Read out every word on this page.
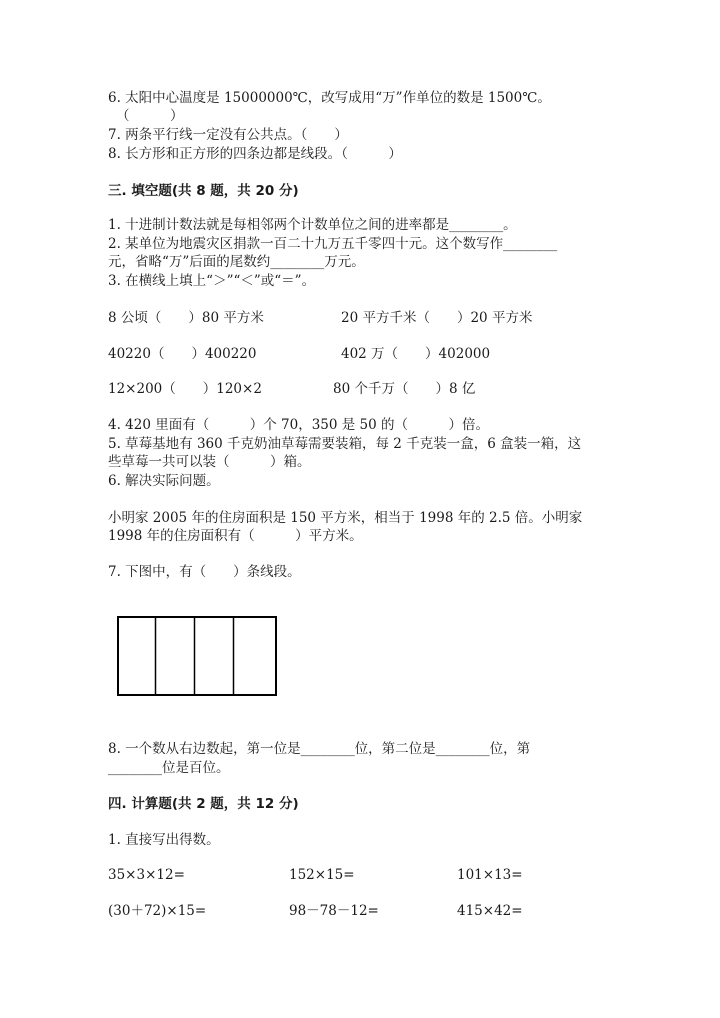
6. 太阳中心温度是 15000000℃，改写成用“万”作单位的数是 1500℃。
（　　　）
7. 两条平行线一定没有公共点。（　　）
8. 长方形和正方形的四条边都是线段。（　　　）
三. 填空题(共 8 题，共 20 分)
1. 十进制计数法就是每相邻两个计数单位之间的进率都是________。
2. 某单位为地震灾区捐款一百二十九万五千零四十元。这个数写作________
元，省略“万”后面的尾数约________万元。
3. 在横线上填上“＞”“＜”或“＝”。
8 公顷（　　）80 平方米	20 平方千米（　　）20 平方米
40220（　　）400220	402 万（　　）402000
12×200（　　）120×2	80 个千万（　　）8 亿
4. 420 里面有（　　　）个 70，350 是 50 的（　　　）倍。
5. 草莓基地有 360 千克奶油草莓需要装箱，每 2 千克装一盒，6 盒装一箱，这
些草莓一共可以装（　　　）箱。
6. 解决实际问题。
小明家 2005 年的住房面积是 150 平方米，相当于 1998 年的 2.5 倍。小明家
1998 年的住房面积有（　　　）平方米。
7. 下图中，有（　　）条线段。
8. 一个数从右边数起，第一位是________位，第二位是________位，第
________位是百位。
四. 计算题(共 2 题，共 12 分)
1. 直接写出得数。
35×3×12=	152×15=	101×13=
(30＋72)×15=	98－78－12=	415×42=
